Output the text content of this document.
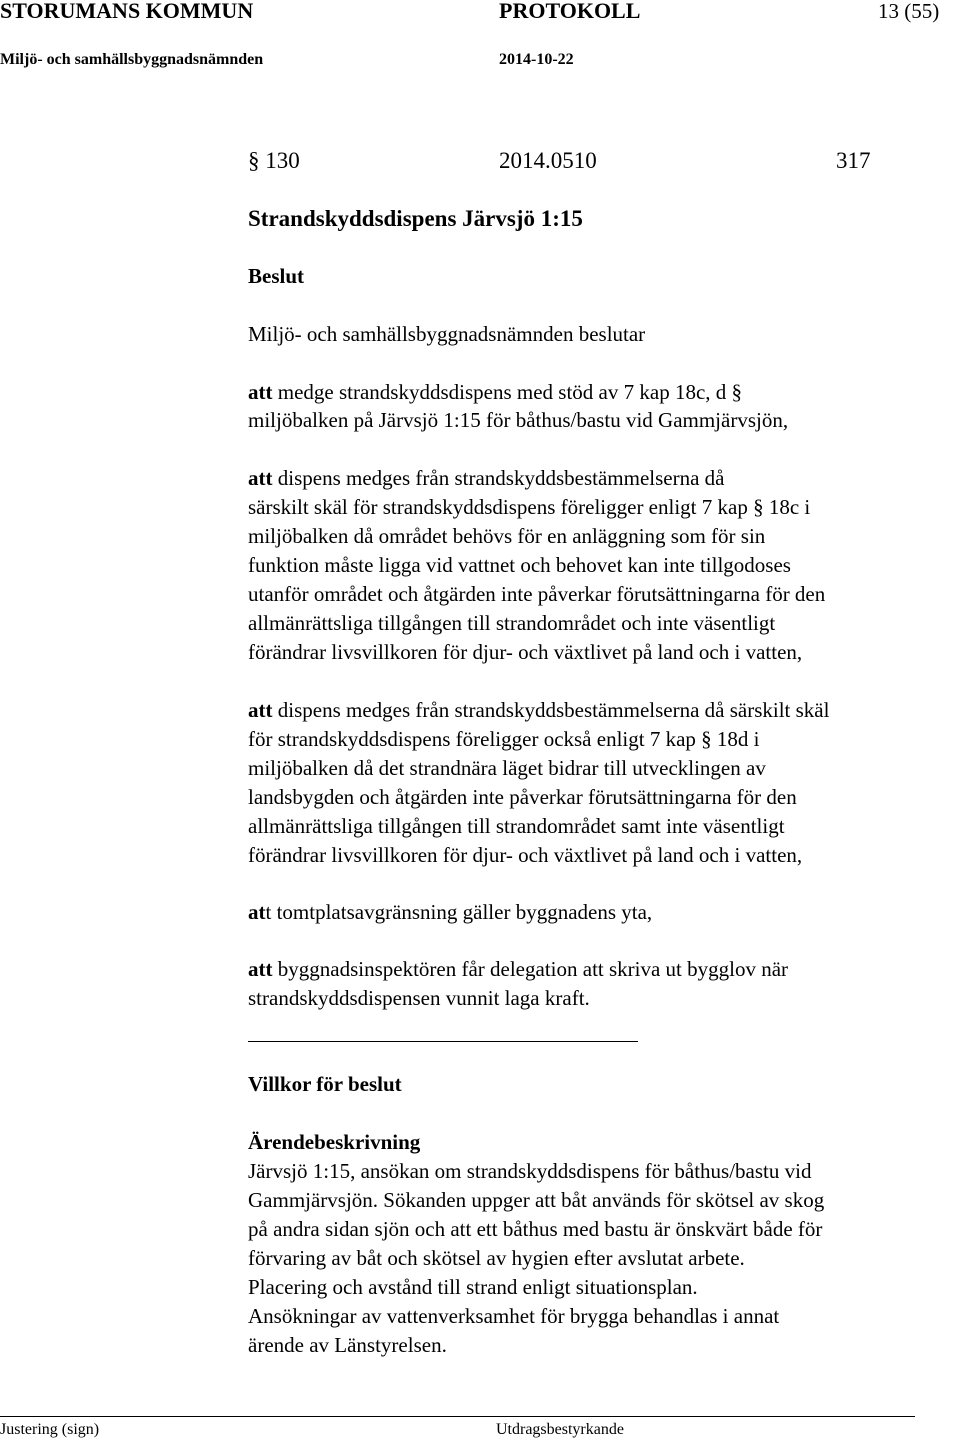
STORUMANS KOMMUN	PROTOKOLL	13 (55)
Miljö- och samhällsbyggnadsnämnden	2014-10-22
§ 130	2014.0510	317
Strandskyddsdispens Järvsjö 1:15
Beslut
Miljö- och samhällsbyggnadsnämnden beslutar
att medge strandskyddsdispens med stöd av 7 kap 18c, d §
miljöbalken på Järvsjö 1:15 för båthus/bastu vid Gammjärvsjön,
att dispens medges från strandskyddsbestämmelserna då
särskilt skäl för strandskyddsdispens föreligger enligt 7 kap § 18c i
miljöbalken då området behövs för en anläggning som för sin
funktion måste ligga vid vattnet och behovet kan inte tillgodoses
utanför området och åtgärden inte påverkar förutsättningarna för den
allmänrättsliga tillgången till strandområdet och inte väsentligt
förändrar livsvillkoren för djur- och växtlivet på land och i vatten,
att dispens medges från strandskyddsbestämmelserna då särskilt skäl
för strandskyddsdispens föreligger också enligt 7 kap § 18d i
miljöbalken då det strandnära läget bidrar till utvecklingen av
landsbygden och åtgärden inte påverkar förutsättningarna för den
allmänrättsliga tillgången till strandområdet samt inte väsentligt
förändrar livsvillkoren för djur- och växtlivet på land och i vatten,
att tomtplatsavgränsning gäller byggnadens yta,
att byggnadsinspektören får delegation att skriva ut bygglov när
strandskyddsdispensen vunnit laga kraft.
Villkor för beslut
Ärendebeskrivning
Järvsjö 1:15, ansökan om strandskyddsdispens för båthus/bastu vid
Gammjärvsjön. Sökanden uppger att båt används för skötsel av skog
på andra sidan sjön och att ett båthus med bastu är önskvärt både för
förvaring av båt och skötsel av hygien efter avslutat arbete.
Placering och avstånd till strand enligt situationsplan.
Ansökningar av vattenverksamhet för brygga behandlas i annat
ärende av Länstyrelsen.
Justering (sign)	Utdragsbestyrkande
